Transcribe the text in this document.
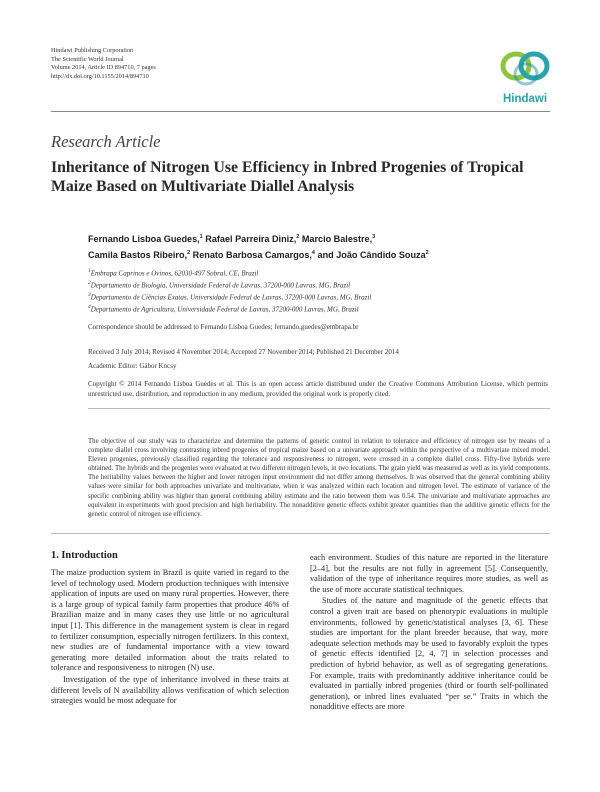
Hindawi Publishing Corporation
The Scientific World Journal
Volume 2014, Article ID 894710, 7 pages
http://dx.doi.org/10.1155/2014/894710
Hindawi
Research Article
Inheritance of Nitrogen Use Efficiency in Inbred Progenies of Tropical Maize Based on Multivariate Diallel Analysis
Fernando Lisboa Guedes,$^1$ Rafael Parreira Diniz,$^2$ Marcio Balestre,$^3$
Camila Bastos Ribeiro,$^2$ Renato Barbosa Camargos,$^4$ and João Cândido Souza$^2$
$^1$Embrapa Caprinos e Ovinos, 62030-497 Sobral, CE, Brazil
$^2$Departamento de Biologia, Universidade Federal de Lavras, 37200-000 Lavras, MG, Brazil
$^3$Departamento de Ciências Exatas, Universidade Federal de Lavras, 37200-000 Lavras, MG, Brazil
$^4$Departamento de Agricultura, Universidade Federal de Lavras, 37200-000 Lavras, MG, Brazil
Correspondence should be addressed to Fernando Lisboa Guedes; fernando.guedes@embrapa.br
Received 3 July 2014; Revised 4 November 2014; Accepted 27 November 2014; Published 21 December 2014
Academic Editor: Gábor Kocsy
Copyright © 2014 Fernando Lisboa Guedes et al. This is an open access article distributed under the Creative Commons Attribution License, which permits unrestricted use, distribution, and reproduction in any medium, provided the original work is properly cited.
The objective of our study was to characterize and determine the patterns of genetic control in relation to tolerance and efficiency of nitrogen use by means of a complete diallel cross involving contrasting inbred progenies of tropical maize based on a univariate approach within the perspective of a multivariate mixed model. Eleven progenies, previously classified regarding the tolerance and responsiveness to nitrogen, were crossed in a complete diallel cross. Fifty-five hybrids were obtained. The hybrids and the progenies were evaluated at two different nitrogen levels, in two locations. The grain yield was measured as well as its yield components. The heritability values between the higher and lower nitrogen input environment did not differ among themselves. It was observed that the general combining ability values were similar for both approaches univariate and multivariate, when it was analyzed within each location and nitrogen level. The estimate of variance of the specific combining ability was higher than general combining ability estimate and the ratio between them was 0.54. The univariate and multivariate approaches are equivalent in experiments with good precision and high heritability. The nonadditive genetic effects exhibit greater quantities than the additive genetic effects for the genetic control of nitrogen use efficiency.
1. Introduction

The maize production system in Brazil is quite varied in regard to the level of technology used. Modern production techniques with intensive application of inputs are used on many rural properties. However, there is a large group of typical family farm properties that produce 46% of Brazilian maize and in many cases they use little or no agricultural input [1]. This difference in the management system is clear in regard to fertilizer consumption, especially nitrogen fertilizers. In this context, new studies are of fundamental importance with a view toward generating more detailed information about the traits related to tolerance and responsiveness to nitrogen (N) use.

Investigation of the type of inheritance involved in these traits at different levels of N availability allows verification of which selection strategies would be most adequate for

each environment. Studies of this nature are reported in the literature [2–4], but the results are not fully in agreement [5]. Consequently, validation of the type of inheritance requires more studies, as well as the use of more accurate statistical techniques.

Studies of the nature and magnitude of the genetic effects that control a given trait are based on phenotypic evaluations in multiple environments, followed by genetic/statistical analyses [3, 6]. These studies are important for the plant breeder because, that way, more adequate selection methods may be used to favorably exploit the types of genetic effects identified [2, 4, 7] in selection processes and prediction of hybrid behavior, as well as of segregating generations. For example, traits with predominantly additive inheritance could be evaluated in partially inbred progenies (third or fourth self-pollinated generation), or inbred lines evaluated “per se.” Traits in which the nonadditive effects are more
